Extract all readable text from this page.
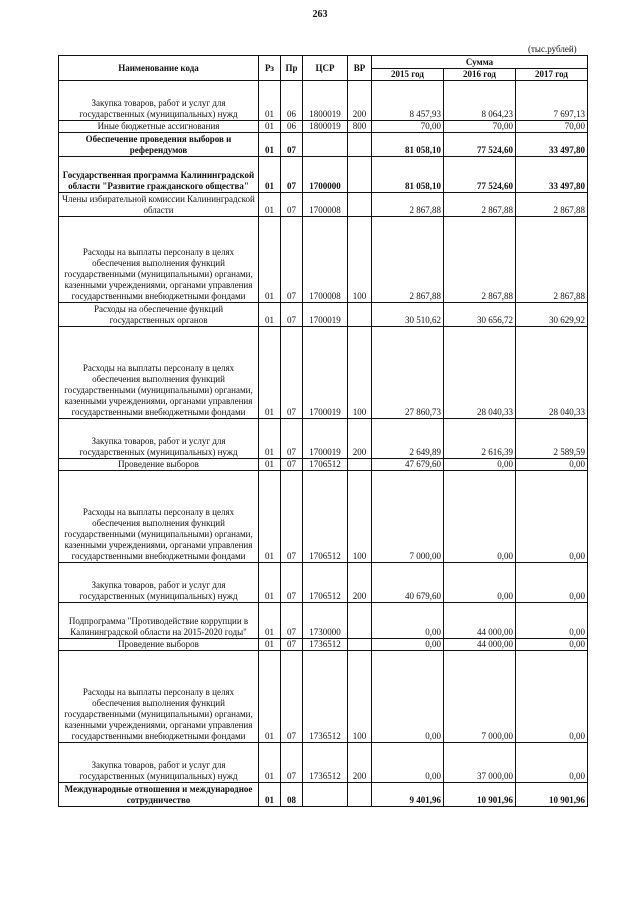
263
(тыс.рублей)
Наименование кода	Рз	Пр	ЦСР	ВР	Сумма		
					2015 год	2016 год	2017 год
Закупка товаров, работ и услуг для государственных (муниципальных) нужд	01	06	1800019	200	8 457,93	8 064,23	7 697,13
Иные бюджетные ассигнования	01	06	1800019	800	70,00	70,00	70,00
Обеспечение проведения выборов и референдумов	01	07			81 058,10	77 524,60	33 497,80
Государственная программа Калининградской области "Развитие гражданского общества"	01	07	1700000		81 058,10	77 524,60	33 497,80
Члены избирательной комиссии Калининградской области	01	07	1700008		2 867,88	2 867,88	2 867,88
Расходы на выплаты персоналу в целях обеспечения выполнения функций государственными (муниципальными) органами, казенными учреждениями, органами управления государственными внебюджетными фондами	01	07	1700008	100	2 867,88	2 867,88	2 867,88
Расходы на обеспечение функций государственных органов	01	07	1700019		30 510,62	30 656,72	30 629,92
Расходы на выплаты персоналу в целях обеспечения выполнения функций государственными (муниципальными) органами, казенными учреждениями, органами управления государственными внебюджетными фондами	01	07	1700019	100	27 860,73	28 040,33	28 040,33
Закупка товаров, работ и услуг для государственных (муниципальных) нужд	01	07	1700019	200	2 649,89	2 616,39	2 589,59
Проведение выборов	01	07	1706512		47 679,60	0,00	0,00
Расходы на выплаты персоналу в целях обеспечения выполнения функций государственными (муниципальными) органами, казенными учреждениями, органами управления государственными внебюджетными фондами	01	07	1706512	100	7 000,00	0,00	0,00
Закупка товаров, работ и услуг для государственных (муниципальных) нужд	01	07	1706512	200	40 679,60	0,00	0,00
Подпрограмма "Противодействие коррупции в Калининградской области на 2015-2020 годы"	01	07	1730000		0,00	44 000,00	0,00
Проведение выборов	01	07	1736512		0,00	44 000,00	0,00
Расходы на выплаты персоналу в целях обеспечения выполнения функций государственными (муниципальными) органами, казенными учреждениями, органами управления государственными внебюджетными фондами	01	07	1736512	100	0,00	7 000,00	0,00
Закупка товаров, работ и услуг для государственных (муниципальных) нужд	01	07	1736512	200	0,00	37 000,00	0,00
Международные отношения и международное сотрудничество	01	08			9 401,96	10 901,96	10 901,96
